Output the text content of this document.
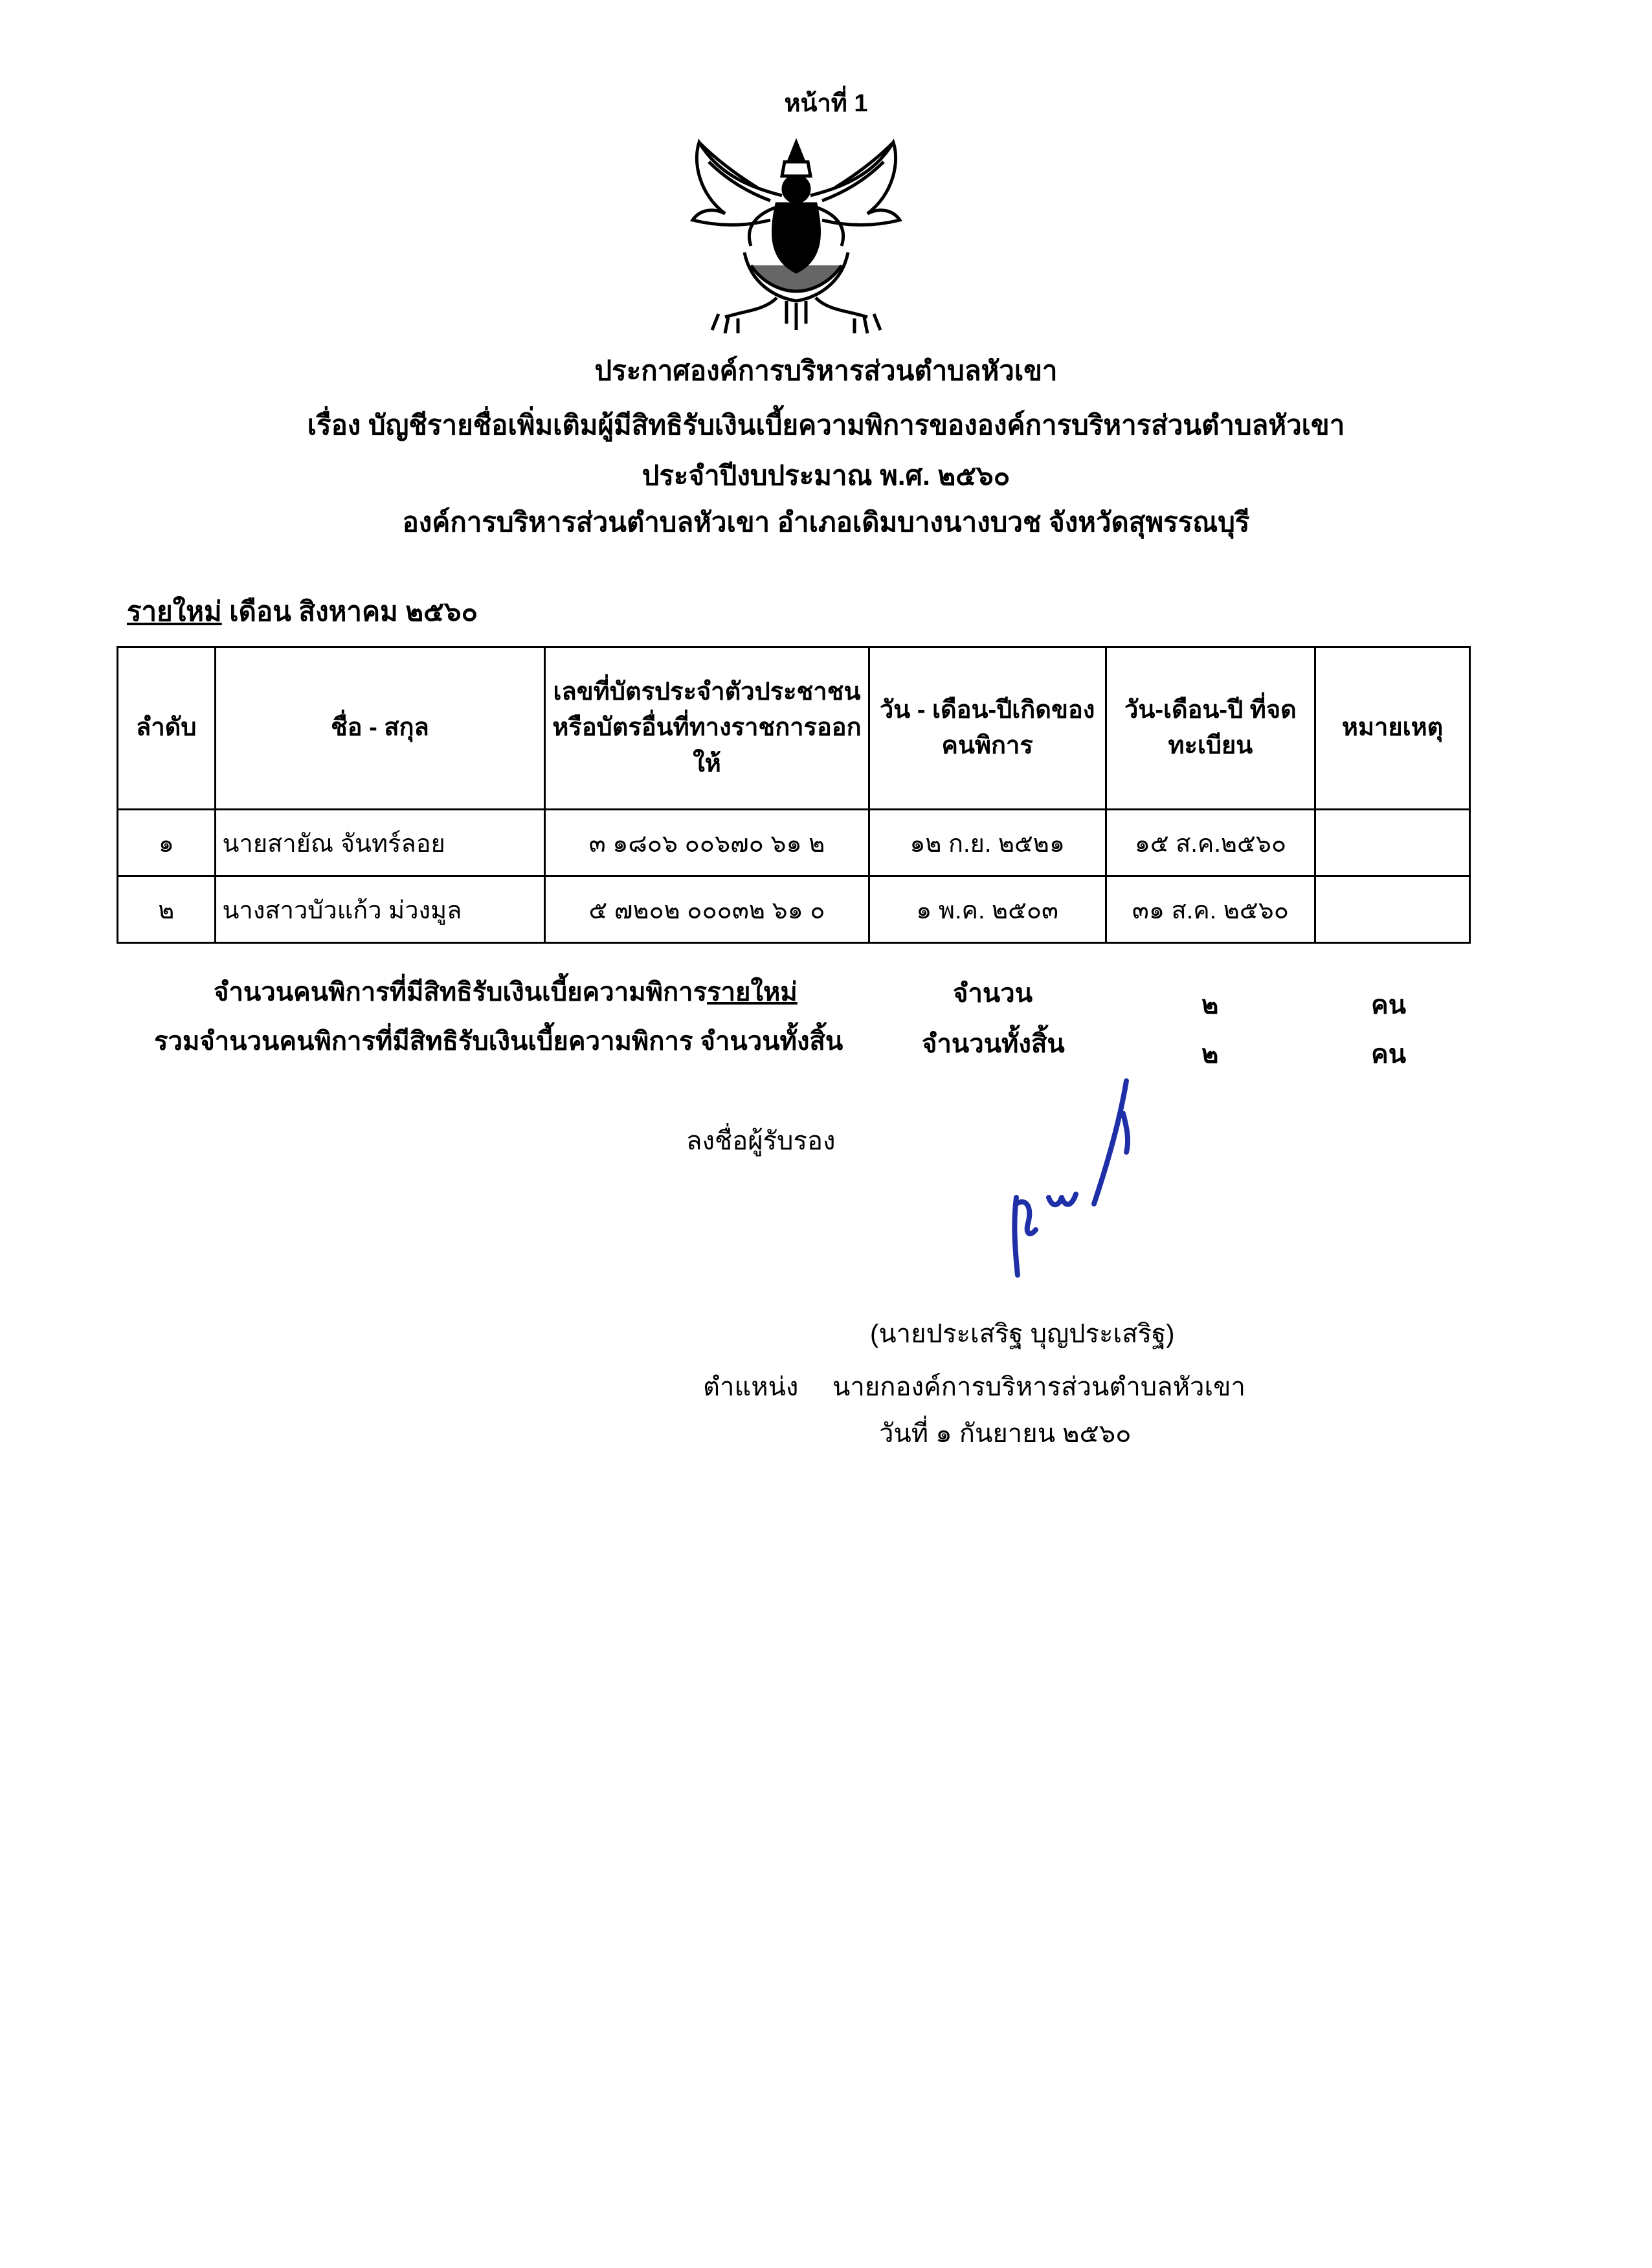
หน้าที่ 1
ประกาศองค์การบริหารส่วนตำบลหัวเขา
เรื่อง บัญชีรายชื่อเพิ่มเติมผู้มีสิทธิรับเงินเบี้ยความพิการขององค์การบริหารส่วนตำบลหัวเขา
ประจำปีงบประมาณ พ.ศ. ๒๕๖๐
องค์การบริหารส่วนตำบลหัวเขา อำเภอเดิมบางนางบวช จังหวัดสุพรรณบุรี
รายใหม่ เดือน สิงหาคม ๒๕๖๐
ลำดับ	ชื่อ - สกุล	เลขที่บัตรประจำตัวประชาชนหรือบัตรอื่นที่ทางราชการออกให้	วัน - เดือน-ปีเกิดของคนพิการ	วัน-เดือน-ปี ที่จดทะเบียน	หมายเหตุ
๑	นายสายัณ จันทร์ลอย	๓ ๑๘๐๖ ๐๐๖๗๐ ๖๑ ๒	๑๒ ก.ย. ๒๕๒๑	๑๕ ส.ค.๒๕๖๐	
๒	นางสาวบัวแก้ว ม่วงมูล	๕ ๗๒๐๒ ๐๐๐๓๒ ๖๑ ๐	๑ พ.ค. ๒๕๐๓	๓๑ ส.ค. ๒๕๖๐	
จำนวนคนพิการที่มีสิทธิรับเงินเบี้ยความพิการรายใหม่	จำนวน	๒	คน
รวมจำนวนคนพิการที่มีสิทธิรับเงินเบี้ยความพิการ จำนวนทั้งสิ้น	จำนวนทั้งสิ้น	๒	คน
ลงชื่อผู้รับรอง
(นายประเสริฐ บุญประเสริฐ)
ตำแหน่ง นายกองค์การบริหารส่วนตำบลหัวเขา
วันที่ ๑ กันยายน ๒๕๖๐
